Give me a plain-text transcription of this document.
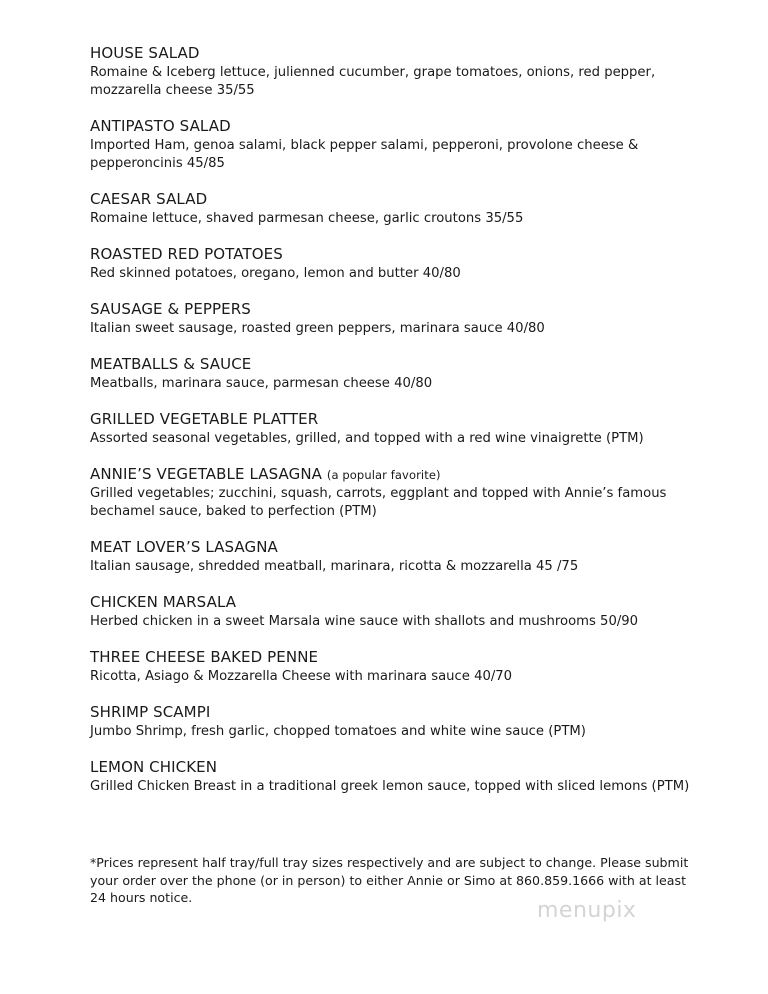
HOUSE SALAD
Romaine & Iceberg lettuce, julienned cucumber, grape tomatoes, onions, red pepper, mozzarella cheese 35/55
ANTIPASTO SALAD
Imported Ham, genoa salami, black pepper salami, pepperoni, provolone cheese & pepperoncinis 45/85
CAESAR SALAD
Romaine lettuce, shaved parmesan cheese, garlic croutons 35/55
ROASTED RED POTATOES
Red skinned potatoes, oregano, lemon and butter 40/80
SAUSAGE & PEPPERS
Italian sweet sausage, roasted green peppers, marinara sauce 40/80
MEATBALLS & SAUCE
Meatballs, marinara sauce, parmesan cheese 40/80
GRILLED VEGETABLE PLATTER
Assorted seasonal vegetables, grilled, and topped with a red wine vinaigrette (PTM)
ANNIE’S VEGETABLE LASAGNA (a popular favorite)
Grilled vegetables; zucchini, squash, carrots, eggplant and topped with Annie’s famous bechamel sauce, baked to perfection (PTM)
MEAT LOVER’S LASAGNA
Italian sausage, shredded meatball, marinara, ricotta & mozzarella 45 /75
CHICKEN MARSALA
Herbed chicken in a sweet Marsala wine sauce with shallots and mushrooms 50/90
THREE CHEESE BAKED PENNE
Ricotta, Asiago & Mozzarella Cheese with marinara sauce 40/70
SHRIMP SCAMPI
Jumbo Shrimp, fresh garlic, chopped tomatoes and white wine sauce (PTM)
LEMON CHICKEN
Grilled Chicken Breast in a traditional greek lemon sauce, topped with sliced lemons (PTM)
*Prices represent half tray/full tray sizes respectively and are subject to change. Please submit your order over the phone (or in person) to either Annie or Simo at 860.859.1666 with at least 24 hours notice.
menupix
